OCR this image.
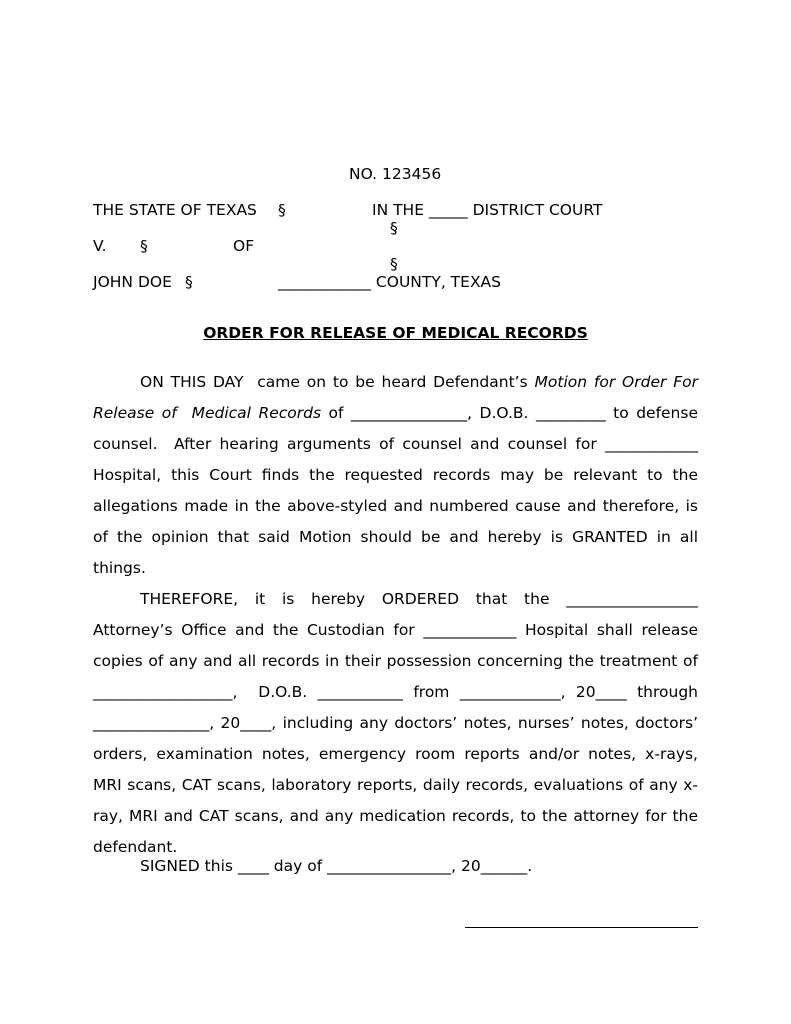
NO. 123456
THE STATE OF TEXAS §	IN THE _____ DISTRICT COURT
§
V. §	OF
§
JOHN DOE §	____________ COUNTY, TEXAS
ORDER FOR RELEASE OF MEDICAL RECORDS
ON THIS DAY  came on to be heard Defendant’s Motion for Order For
Release of  Medical Records of _______________, D.O.B. _________ to defense
counsel.  After hearing arguments of counsel and counsel for ____________
Hospital, this Court finds the requested records may be relevant to the
allegations made in the above-styled and numbered cause and therefore, is
of the opinion that said Motion should be and hereby is GRANTED in all
things.
THEREFORE,  it  is  hereby  ORDERED  that  the  _________________
Attorney’s Office and the Custodian for ____________ Hospital shall release
copies of any and all records in their possession concerning the treatment of
__________________,  D.O.B. ___________ from _____________, 20____ through
_______________, 20____, including any doctors’ notes, nurses’ notes, doctors’
orders, examination notes, emergency room reports and/or notes, x-rays,
MRI scans, CAT scans, laboratory reports, daily records, evaluations of any x-
ray, MRI and CAT scans, and any medication records, to the attorney for the
defendant.
SIGNED this ____ day of ________________, 20______.
